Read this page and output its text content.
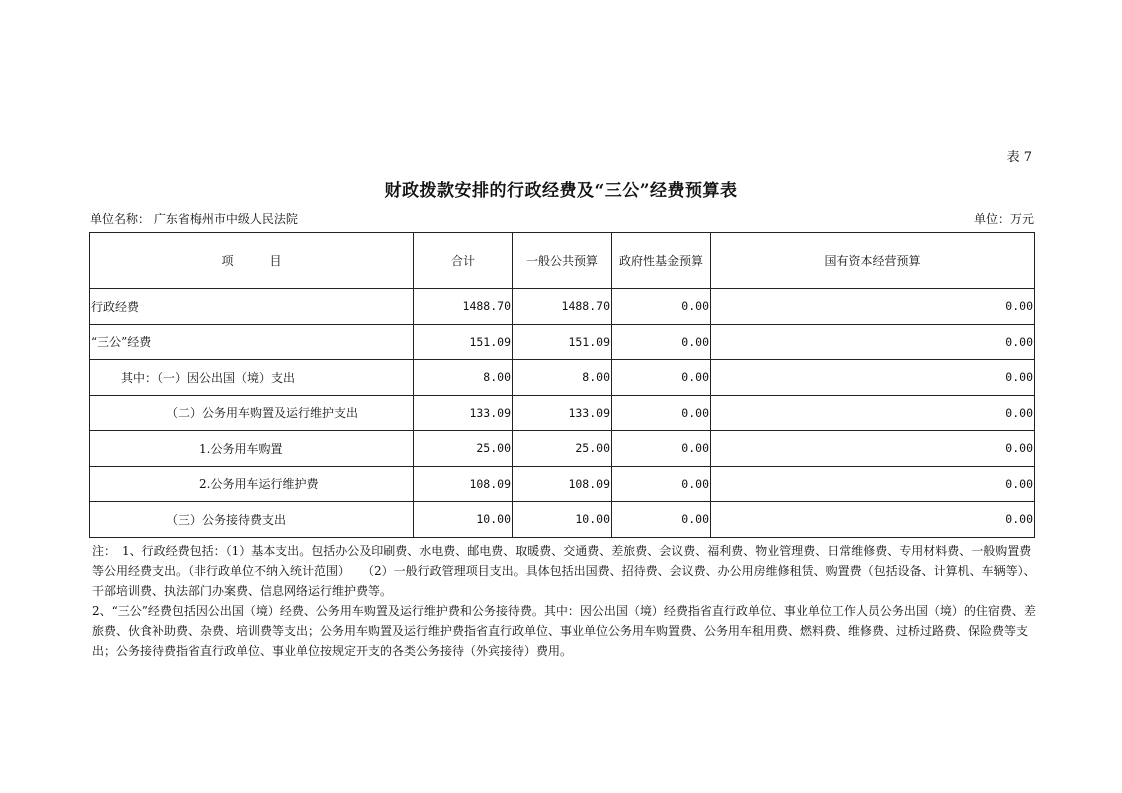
表 7
财政拨款安排的行政经费及“三公”经费预算表
单位名称： 广东省梅州市中级人民法院	单位：万元
项　　　目	合计	一般公共预算	政府性基金预算	国有资本经营预算
行政经费	1488.70	1488.70	0.00	0.00
“三公”经费	151.09	151.09	0.00	0.00
其中：（一）因公出国（境）支出	8.00	8.00	0.00	0.00
（二）公务用车购置及运行维护支出	133.09	133.09	0.00	0.00
1.公务用车购置	25.00	25.00	0.00	0.00
2.公务用车运行维护费	108.09	108.09	0.00	0.00
（三）公务接待费支出	10.00	10.00	0.00	0.00

注：　1、行政经费包括：（1）基本支出。包括办公及印刷费、水电费、邮电费、取暖费、交通费、差旅费、会议费、福利费、物业管理费、日常维修费、专用材料费、一般购置费等公用经费支出。（非行政单位不纳入统计范围）　　（2）一般行政管理项目支出。具体包括出国费、招待费、会议费、办公用房维修租赁、购置费（包括设备、计算机、车辆等）、干部培训费、执法部门办案费、信息网络运行维护费等。

2、“三公”经费包括因公出国（境）经费、公务用车购置及运行维护费和公务接待费。其中：因公出国（境）经费指省直行政单位、事业单位工作人员公务出国（境）的住宿费、差旅费、伙食补助费、杂费、培训费等支出；公务用车购置及运行维护费指省直行政单位、事业单位公务用车购置费、公务用车租用费、燃料费、维修费、过桥过路费、保险费等支出；公务接待费指省直行政单位、事业单位按规定开支的各类公务接待（外宾接待）费用。
